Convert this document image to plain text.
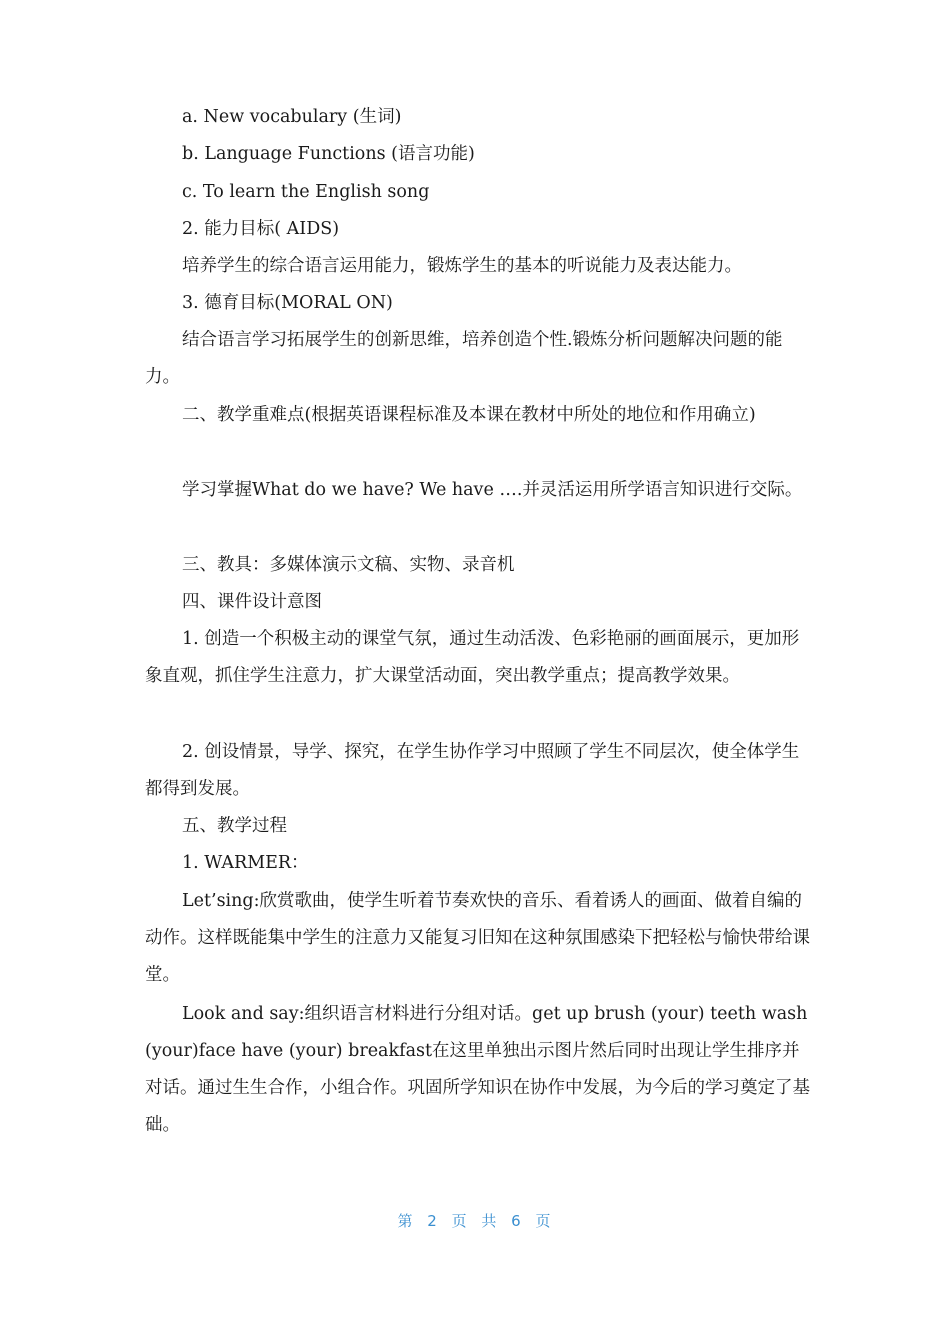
a. New vocabulary (生词)

b. Language Functions (语言功能)

c. To learn the English song

2. 能力目标( AIDS)

培养学生的综合语言运用能力，锻炼学生的基本的听说能力及表达能力。

3. 德育目标(MORAL ON)

结合语言学习拓展学生的创新思维，培养创造个性.锻炼分析问题解决问题的能力。

二、教学重难点(根据英语课程标准及本课在教材中所处的地位和作用确立)

学习掌握What do we have? We have ….并灵活运用所学语言知识进行交际。

三、教具：多媒体演示文稿、实物、录音机

四、课件设计意图

1. 创造一个积极主动的课堂气氛，通过生动活泼、色彩艳丽的画面展示，更加形象直观，抓住学生注意力，扩大课堂活动面，突出教学重点；提高教学效果。

2. 创设情景，导学、探究，在学生协作学习中照顾了学生不同层次，使全体学生都得到发展。

五、教学过程

1. WARMER：

Let’sing:欣赏歌曲，使学生听着节奏欢快的音乐、看着诱人的画面、做着自编的动作。这样既能集中学生的注意力又能复习旧知在这种氛围感染下把轻松与愉快带给课堂。

Look and say:组织语言材料进行分组对话。get up brush (your) teeth wash (your)face have (your) breakfast在这里单独出示图片然后同时出现让学生排序并对话。通过生生合作，小组合作。巩固所学知识在协作中发展，为今后的学习奠定了基础。

第 2 页 共 6 页
